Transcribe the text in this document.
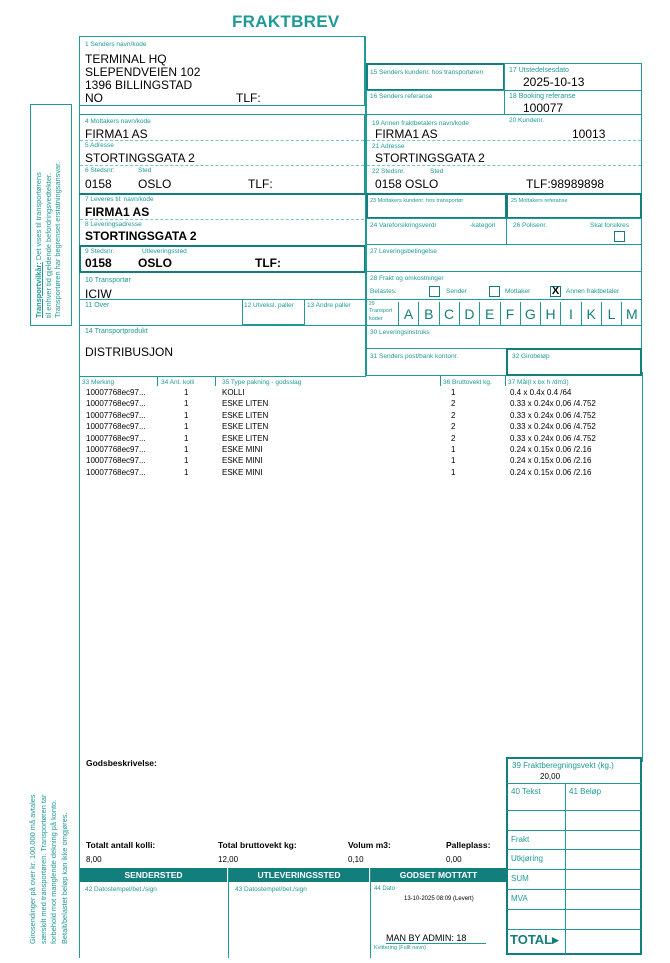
FRAKTBREV
Transportvilkår: Det vises til transportørens til enhver tid gjeldende befordringsvedtekter. Transportøren har begrenset erstatningsansvar.
Girosendinger på over kr. 100.000 må avtales særskilt med transportøren. Transportøren tar forbehold mot manglende dekning på konto. Betalt/belastet beløp kan ikke omgjøres.
1 Senders navn/kode
TERMINAL HQ
SLEPENDVEIEN 102
1396 BILLINGSTAD
NO	TLF:
4 Mottakers navn/kode
FIRMA1 AS
5 Adresse
STORTINGSGATA 2
6 Stedsnr:	Sted
0158 OSLO	TLF:
7 Leveres til: navn/kode
FIRMA1 AS
8 Leveringsadresse
STORTINGSGATA 2
9 Stedsnr.	Utleveringssted
0158 OSLO	TLF:
10 Transportør
ICIW
11 Over	12 Utveksl. paller 13 Andre paller
14 Transportprodukt
DISTRIBUSJON
15 Senders kundenr. hos transportøren	17 Utstedelsesdato
2025-10-13
16 Senders referanse	18 Booking referanse
100077
19 Annen fraktbetalers navn/kode	20 Kundenr.
FIRMA1 AS	10013
21 Adresse
STORTINGSGATA 2
22 Stedsnr.	Sted
0158 OSLO	TLF:98989898
23 Mottakers kundenr. hos transportør	25 Mottakers referanse
24 Vareforsikringsverdi	-kategori	26 Polisenr.	Skal forsikres
27 Leveringsbetingelse
28 Frakt og omkostninger
Belastes:	Sender	Mottaker X Annen fraktbetaler
29
Transport
koder	A B C D E F G H I K L M
30 Leveringsinstruks
31 Senders post/bank kontonr.	32 Girobeløp
33 Merking	34 Ant. kolli	35 Type pakning - godsslag	36 Bruttovekt kg. 37 Mål(l x bx h /dm3)
10007768ec97...	1	KOLLI	1	0.4 x 0.4x 0.4 /64
10007768ec97...	1	ESKE LITEN	2	0.33 x 0.24x 0.06 /4.752
10007768ec97...	1	ESKE LITEN	2	0.33 x 0.24x 0.06 /4.752
10007768ec97...	1	ESKE LITEN	2	0.33 x 0.24x 0.06 /4.752
10007768ec97...	1	ESKE LITEN	2	0.33 x 0.24x 0.06 /4.752
10007768ec97...	1	ESKE MINI	1	0.24 x 0.15x 0.06 /2.16
10007768ec97...	1	ESKE MINI	1	0.24 x 0.15x 0.06 /2.16
10007768ec97...	1	ESKE MINI	1	0.24 x 0.15x 0.06 /2.16
Godsbeskrivelse:
Totalt antall kolli:
8,00
Total bruttovekt kg:
12,00
Volum m3:
0,10
Palleplass:
0,00
SENDERSTED	UTLEVERINGSSTED	GODSET MOTTATT
42 Datostempel/bet./sign	43 Datostempel/bet./sign	44 Dato
13-10-2025 08:09 (Levert)
MAN BY ADMIN: 18
Kvittering (Fullt navn)
39 Fraktberegningsvekt (kg.)
20,00
40 Tekst	41 Beløp
Frakt
Utkjøring
SUM
MVA
TOTAL▸
